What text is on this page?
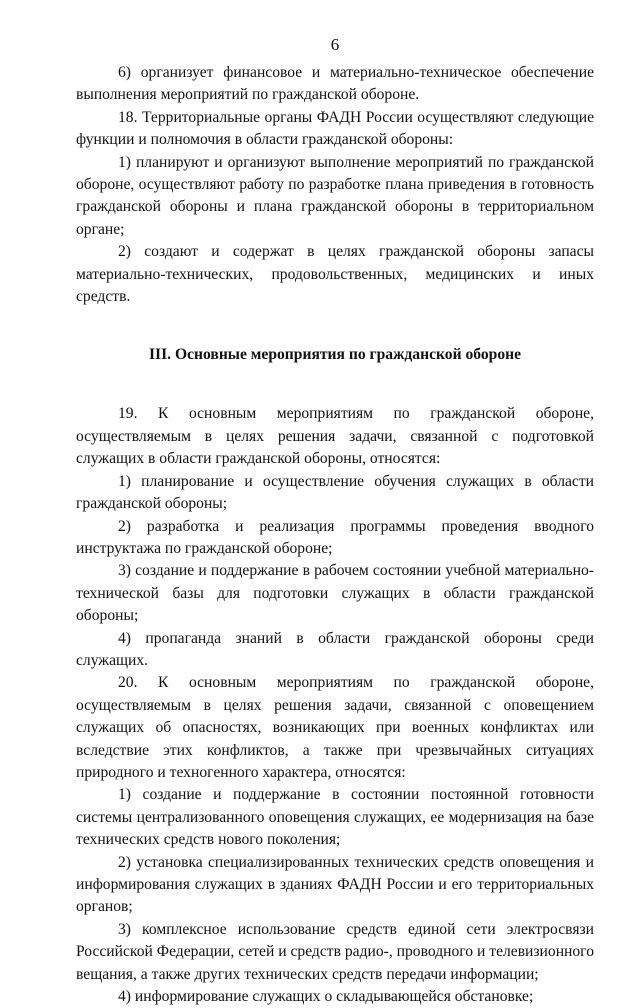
6

6) организует финансовое и материально-техническое обеспечение выполнения мероприятий по гражданской обороне.

18. Территориальные органы ФАДН России осуществляют следующие функции и полномочия в области гражданской обороны:

1) планируют и организуют выполнение мероприятий по гражданской обороне, осуществляют работу по разработке плана приведения в готовность гражданской обороны и плана гражданской обороны в территориальном органе;

2) создают и содержат в целях гражданской обороны запасы материально-технических, продовольственных, медицинских и иных средств.

III. Основные мероприятия по гражданской обороне

19. К основным мероприятиям по гражданской обороне, осуществляемым в целях решения задачи, связанной с подготовкой служащих в области гражданской обороны, относятся:

1) планирование и осуществление обучения служащих в области гражданской обороны;

2) разработка и реализация программы проведения вводного инструктажа по гражданской обороне;

3) создание и поддержание в рабочем состоянии учебной материально-технической базы для подготовки служащих в области гражданской обороны;

4) пропаганда знаний в области гражданской обороны среди служащих.

20. К основным мероприятиям по гражданской обороне, осуществляемым в целях решения задачи, связанной с оповещением служащих об опасностях, возникающих при военных конфликтах или вследствие этих конфликтов, а также при чрезвычайных ситуациях природного и техногенного характера, относятся:

1) создание и поддержание в состоянии постоянной готовности системы централизованного оповещения служащих, ее модернизация на базе технических средств нового поколения;

2) установка специализированных технических средств оповещения и информирования служащих в зданиях ФАДН России и его территориальных органов;

3) комплексное использование средств единой сети электросвязи Российской Федерации, сетей и средств радио-, проводного и телевизионного вещания, а также других технических средств передачи информации;

4) информирование служащих о складывающейся обстановке;
